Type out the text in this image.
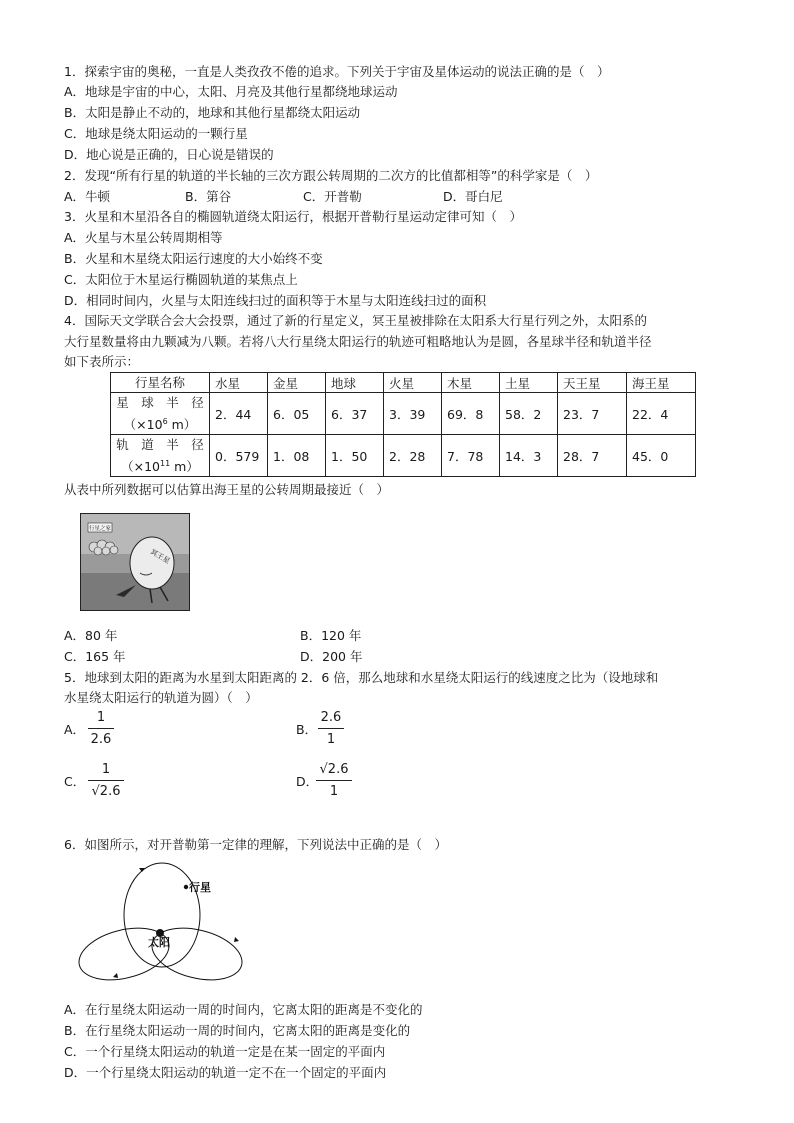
1．探索宇宙的奥秘，一直是人类孜孜不倦的追求。下列关于宇宙及星体运动的说法正确的是（　）
A．地球是宇宙的中心，太阳、月亮及其他行星都绕地球运动
B．太阳是静止不动的，地球和其他行星都绕太阳运动
C．地球是绕太阳运动的一颗行星
D．地心说是正确的，日心说是错误的
2．发现“所有行星的轨道的半长轴的三次方跟公转周期的二次方的比值都相等”的科学家是（　）
A．牛顿	B．第谷	C．开普勒	D．哥白尼
3．火星和木星沿各自的椭圆轨道绕太阳运行，根据开普勒行星运动定律可知（　）
A．火星与木星公转周期相等
B．火星和木星绕太阳运行速度的大小始终不变
C．太阳位于木星运行椭圆轨道的某焦点上
D．相同时间内，火星与太阳连线扫过的面积等于木星与太阳连线扫过的面积
4．国际天文学联合会大会投票，通过了新的行星定义，冥王星被排除在太阳系大行星行列之外，太阳系的
大行星数量将由九颗减为八颗。若将八大行星绕太阳运行的轨迹可粗略地认为是圆，各星球半径和轨道半径
如下表所示：
行星名称	水星	金星	地球	火星	木星	土星	天王星	海王星
星　球　半　径
（$\times 10^6$ m）	2．44	6．05	6．37	3．39	69．8	58．2	23．7	22．4
轨　道　半　径
（$\times 10^{11}$ m）	0．579	1．08	1．50	2．28	7．78	14．3	28．7	45．0
从表中所列数据可以估算出海王星的公转周期最接近（　）
行星之家
冥王星
A．80 年	B．120 年
C．165 年	D．200 年
5．地球到太阳的距离为水星到太阳距离的 2．6 倍，那么地球和水星绕太阳运行的线速度之比为（设地球和
水星绕太阳运行的轨道为圆）（　）
A．
1
2.6
B．
2.6
1
C．
1
√2.6
D．
√2.6
1
6．如图所示，对开普勒第一定律的理解，下列说法中正确的是（　）
行星
太阳
A．在行星绕太阳运动一周的时间内，它离太阳的距离是不变化的
B．在行星绕太阳运动一周的时间内，它离太阳的距离是变化的
C．一个行星绕太阳运动的轨道一定是在某一固定的平面内
D．一个行星绕太阳运动的轨道一定不在一个固定的平面内
